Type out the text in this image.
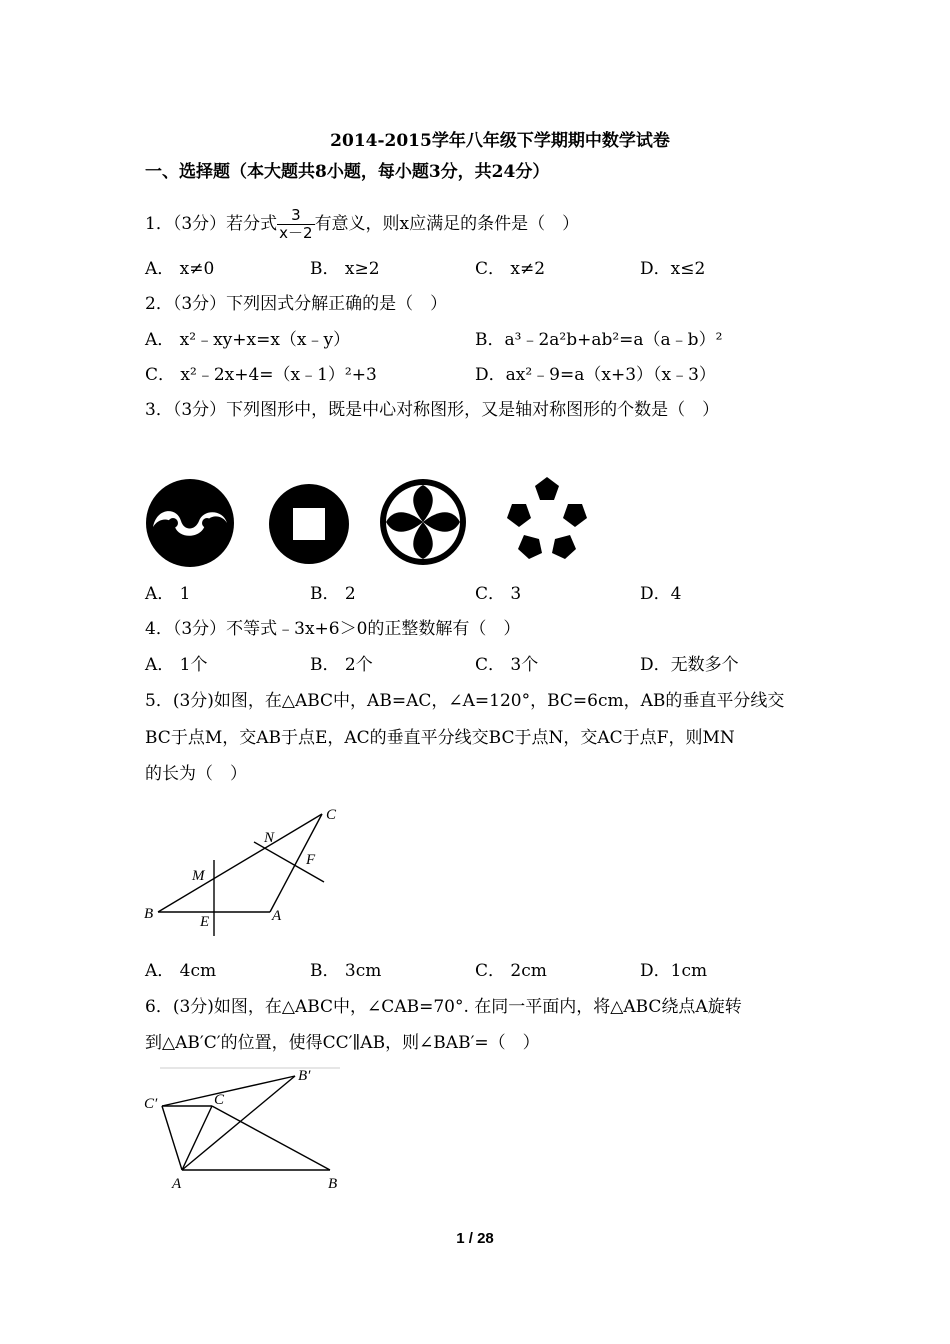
2014-2015学年八年级下学期期中数学试卷
一、选择题（本大题共8小题，每小题3分，共24分）
1．（3分）若分式 $\frac{3}{x-2}$ 有意义，则x应满足的条件是（　）
A． x≠0	B． x≥2	C． x≠2	D．x≤2
2．（3分）下列因式分解正确的是（　）
A． x²﹣xy+x=x（x﹣y）	B．a³﹣2a²b+ab²=a（a﹣b）²
C． x²﹣2x+4=（x﹣1）²+3	D．ax²﹣9=a（x+3）（x﹣3）
3．（3分）下列图形中，既是中心对称图形，又是轴对称图形的个数是（　）
A． 1	B． 2	C． 3	D．4
4．（3分）不等式﹣3x+6＞0的正整数解有（　）
A． 1个	B． 2个	C． 3个	D．无数多个
5．(3分)如图，在△ABC中，AB=AC，∠A=120°，BC=6cm，AB的垂直平分线交
BC于点M，交AB于点E，AC的垂直平分线交BC于点N，交AC于点F，则MN
的长为（　）
C
N
F
M
B	E	A
A． 4cm	B． 3cm	C． 2cm	D．1cm
6．(3分)如图，在△ABC中，∠CAB=70°. 在同一平面内，将△ABC绕点A旋转
到△AB′C′的位置，使得CC′∥AB，则∠BAB′=（　）
B′
C′	C
A	B
1 / 28
